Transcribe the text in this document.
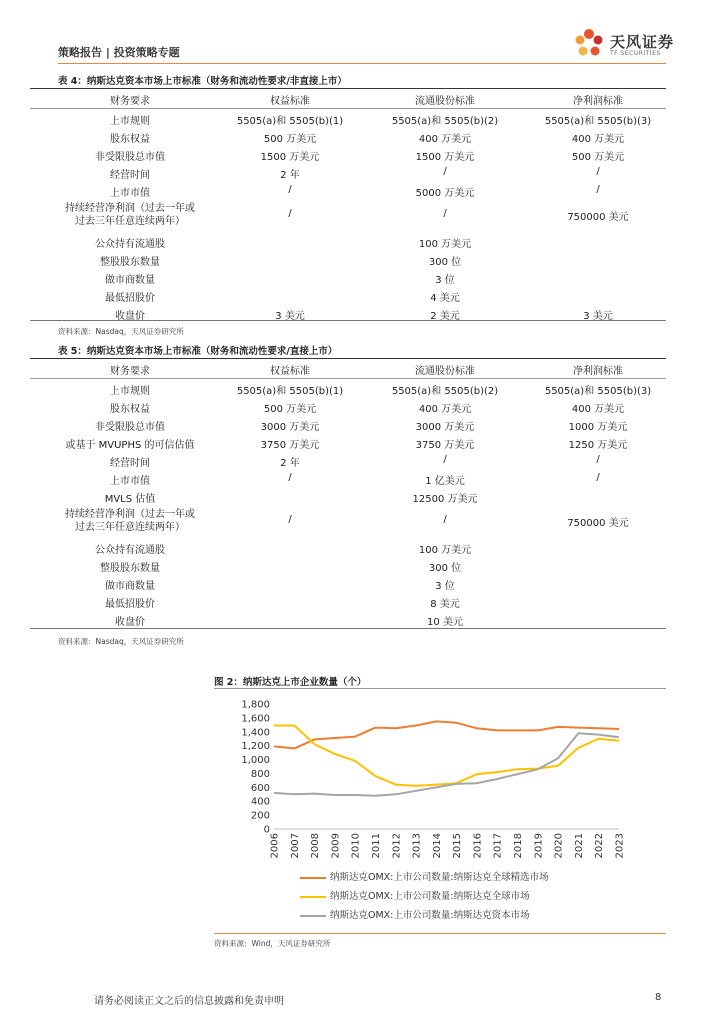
策略报告 | 投资策略专题
天风证券
TF SECURITIES
表 4：纳斯达克资本市场上市标准（财务和流动性要求/非直接上市）
财务要求	权益标准	流通股份标准	净利润标准
上市规则	5505(a)和 5505(b)(1)	5505(a)和 5505(b)(2)	5505(a)和 5505(b)(3)
股东权益	500 万美元	400 万美元	400 万美元
非受限股总市值	1500 万美元	1500 万美元	500 万美元
经营时间	2 年	/	/
上市市值	/	5000 万美元	/
持续经营净利润（过去一年或
过去三年任意连续两年）
/	/	750000 美元
公众持有流通股	100 万美元
整股股东数量	300 位
做市商数量	3 位
最低招股价	4 美元
收盘价	3 美元	2 美元	3 美元
资料来源：Nasdaq，天风证券研究所
表 5：纳斯达克资本市场上市标准（财务和流动性要求/直接上市）
财务要求	权益标准	流通股份标准	净利润标准
上市规则	5505(a)和 5505(b)(1)	5505(a)和 5505(b)(2)	5505(a)和 5505(b)(3)
股东权益	500 万美元	400 万美元	400 万美元
非受限股总市值	3000 万美元	3000 万美元	1000 万美元
或基于 MVUPHS 的可信估值	3750 万美元	3750 万美元	1250 万美元
经营时间	2 年	/	/
上市市值	/	1 亿美元	/
MVLS 估值	12500 万美元
持续经营净利润（过去一年或
过去三年任意连续两年）
/	/	750000 美元
公众持有流通股	100 万美元
整股股东数量	300 位
做市商数量	3 位
最低招股价	8 美元
收盘价	10 美元
资料来源：Nasdaq，天风证券研究所
图 2：纳斯达克上市企业数量（个）
0
200
400
600
800
1,000
1,200
1,400
1,600
1,800
2006 2007 2008 2009 2010 2011 2012 2013 2014 2015 2016 2017 2018 2019 2020 2021 2022 2023
纳斯达克OMX:上市公司数量:纳斯达克全球精选市场
纳斯达克OMX:上市公司数量:纳斯达克全球市场
纳斯达克OMX:上市公司数量:纳斯达克资本市场
资料来源：Wind，天风证券研究所
请务必阅读正文之后的信息披露和免责申明	8
